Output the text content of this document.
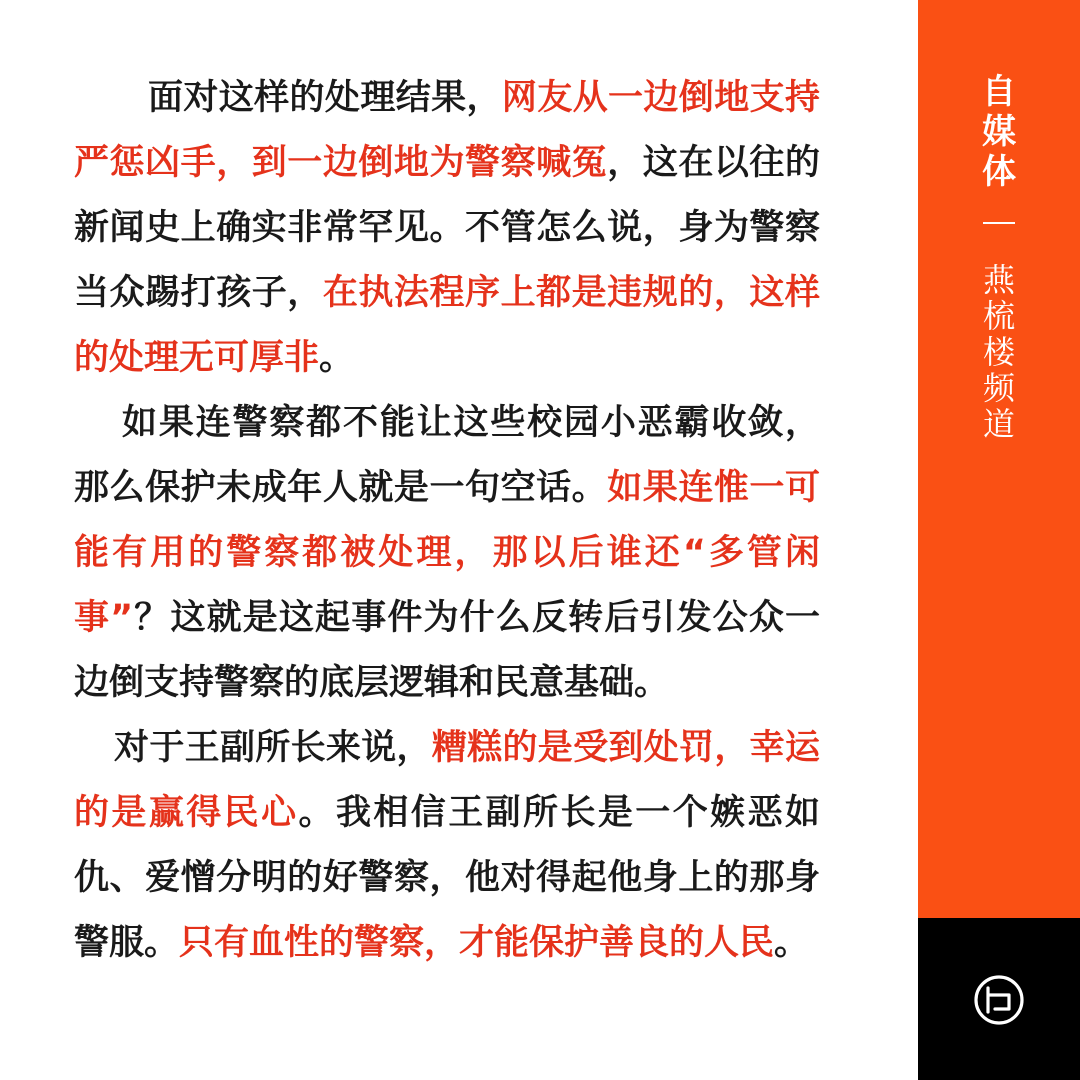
面对这样的处理结果，网友从一边倒地支持严惩凶手，到一边倒地为警察喊冤，这在以往的新闻史上确实非常罕见。不管怎么说，身为警察当众踢打孩子，在执法程序上都是违规的，这样的处理无可厚非。

如果连警察都不能让这些校园小恶霸收敛，那么保护未成年人就是一句空话。如果连惟一可能有用的警察都被处理，那以后谁还“多管闲事”？这就是这起事件为什么反转后引发公众一边倒支持警察的底层逻辑和民意基础。

对于王副所长来说，糟糕的是受到处罚，幸运的是赢得民心。我相信王副所长是一个嫉恶如仇、爱憎分明的好警察，他对得起他身上的那身警服。只有血性的警察，才能保护善良的人民。

自媒体
燕梳楼频道
